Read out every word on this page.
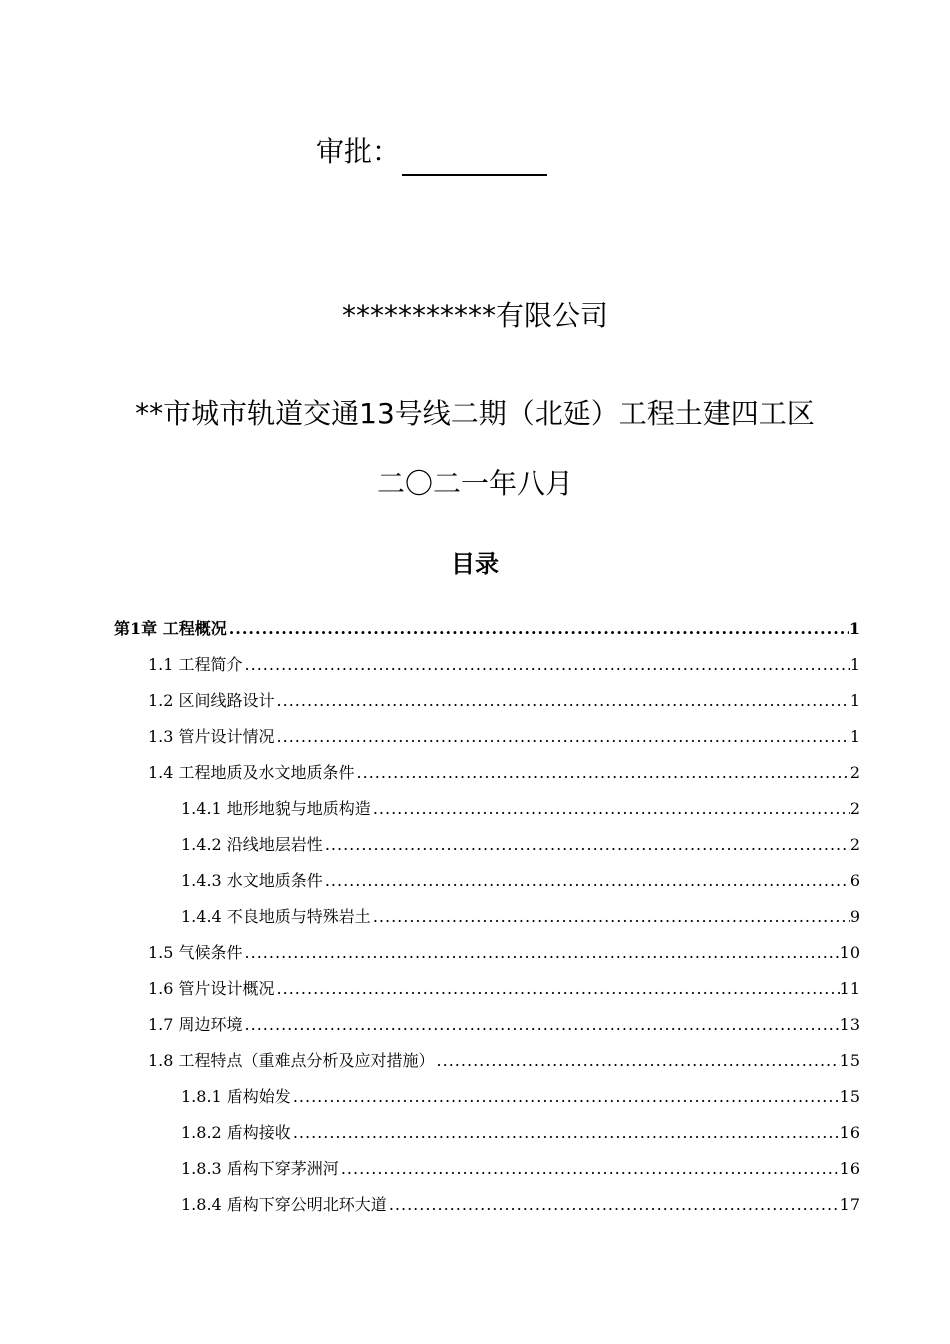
审批：
***********有限公司
**市城市轨道交通13号线二期（北延）工程土建四工区
二〇二一年八月
目录
第1章 工程概况 .....	1
1.1 工程简介 .....	1
1.2 区间线路设计 .....	1
1.3 管片设计情况 .....	1
1.4 工程地质及水文地质条件 .....	2
1.4.1 地形地貌与地质构造 .....	2
1.4.2 沿线地层岩性 .....	2
1.4.3 水文地质条件 .....	6
1.4.4 不良地质与特殊岩土 .....	9
1.5 气候条件 .....	10
1.6 管片设计概况 .....	11
1.7 周边环境 .....	13
1.8 工程特点（重难点分析及应对措施） .....	15
1.8.1 盾构始发 .....	15
1.8.2 盾构接收 .....	16
1.8.3 盾构下穿茅洲河 .....	16
1.8.4 盾构下穿公明北环大道 .....	17
